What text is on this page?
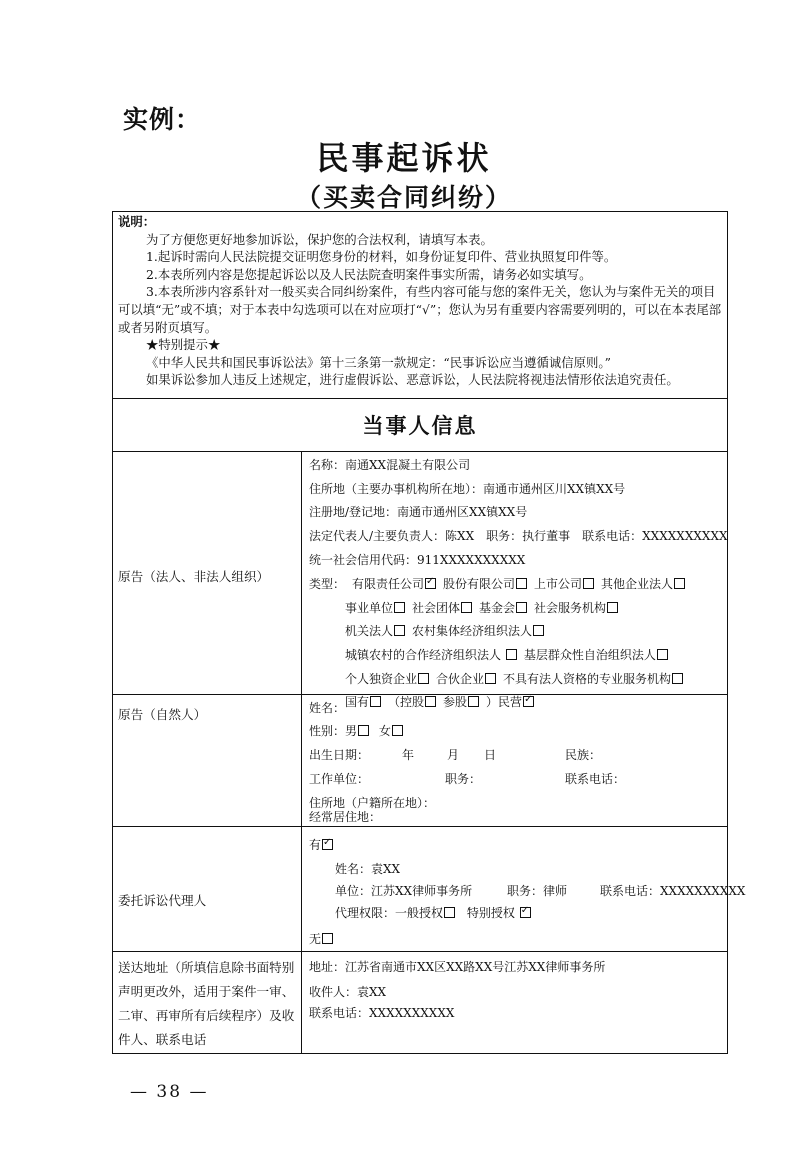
实例：
民事起诉状
（买卖合同纠纷）

说明：

为了方便您更好地参加诉讼，保护您的合法权利，请填写本表。

1.起诉时需向人民法院提交证明您身份的材料，如身份证复印件、营业执照复印件等。

2.本表所列内容是您提起诉讼以及人民法院查明案件事实所需，请务必如实填写。

3.本表所涉内容系针对一般买卖合同纠纷案件，有些内容可能与您的案件无关，您认为与案件无关的项目可以填“无”或不填；对于本表中勾选项可以在对应项打“√”；您认为另有重要内容需要列明的，可以在本表尾部或者另附页填写。

★特别提示★

《中华人民共和国民事诉讼法》第十三条第一款规定：“民事诉讼应当遵循诚信原则。”

如果诉讼参加人违反上述规定，进行虚假诉讼、恶意诉讼，人民法院将视违法情形依法追究责任。

当事人信息
原告（法人、非法人组织）
名称：南通XX混凝土有限公司
住所地（主要办事机构所在地）：南通市通州区川XX镇XX号
注册地/登记地：南通市通州区XX镇XX号
法定代表人/主要负责人：陈XX　职务：执行董事　联系电话：XXXXXXXXXX
统一社会信用代码：911XXXXXXXXXX
类型： 有限责任公司✓ 股份有限公司 上市公司 其他企业法人
事业单位 社会团体 基金会 社会服务机构
机关法人 农村集体经济组织法人
城镇农村的合作经济组织法人 基层群众性自治组织法人
个人独资企业 合伙企业 不具有法人资格的专业服务机构
国有 （控股 参股 ）民营✓
原告（自然人）	姓名：
性别：男 女
出生日期：	年	月 日	民族：
工作单位：	职务：	联系电话：
住所地（户籍所在地）：
经常居住地：
委托诉讼代理人
有✓
姓名：袁XX
单位：江苏XX律师事务所	职务：律师	联系电话：XXXXXXXXXX
代理权限：一般授权 特别授权 ✓
无
送达地址（所填信息除书面特别声明更改外，适用于案件一审、二审、再审所有后续程序）及收件人、联系电话
地址：江苏省南通市XX区XX路XX号江苏XX律师事务所
收件人：袁XX
联系电话：XXXXXXXXXX
— 38 —
